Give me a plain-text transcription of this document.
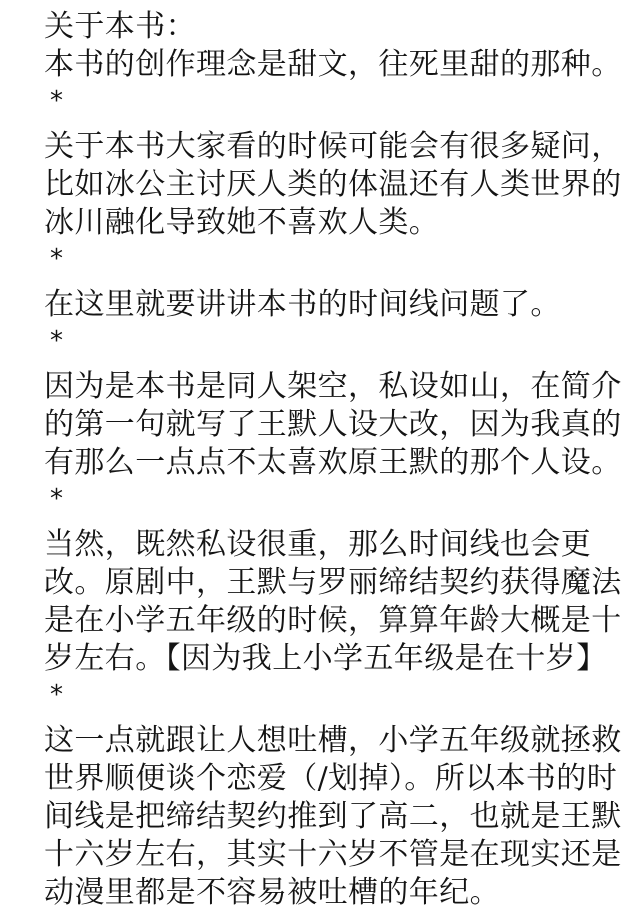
关于本书：
本书的创作理念是甜文，往死里甜的那种。
*
关于本书大家看的时候可能会有很多疑问，
比如冰公主讨厌人类的体温还有人类世界的
冰川融化导致她不喜欢人类。
*
在这里就要讲讲本书的时间线问题了。
*
因为是本书是同人架空，私设如山，在简介
的第一句就写了王默人设大改，因为我真的
有那么一点点不太喜欢原王默的那个人设。
*
当然，既然私设很重，那么时间线也会更
改。原剧中，王默与罗丽缔结契约获得魔法
是在小学五年级的时候，算算年龄大概是十
岁左右。【因为我上小学五年级是在十岁】
*
这一点就跟让人想吐槽，小学五年级就拯救
世界顺便谈个恋爱（/划掉）。所以本书的时
间线是把缔结契约推到了高二，也就是王默
十六岁左右，其实十六岁不管是在现实还是
动漫里都是不容易被吐槽的年纪。
